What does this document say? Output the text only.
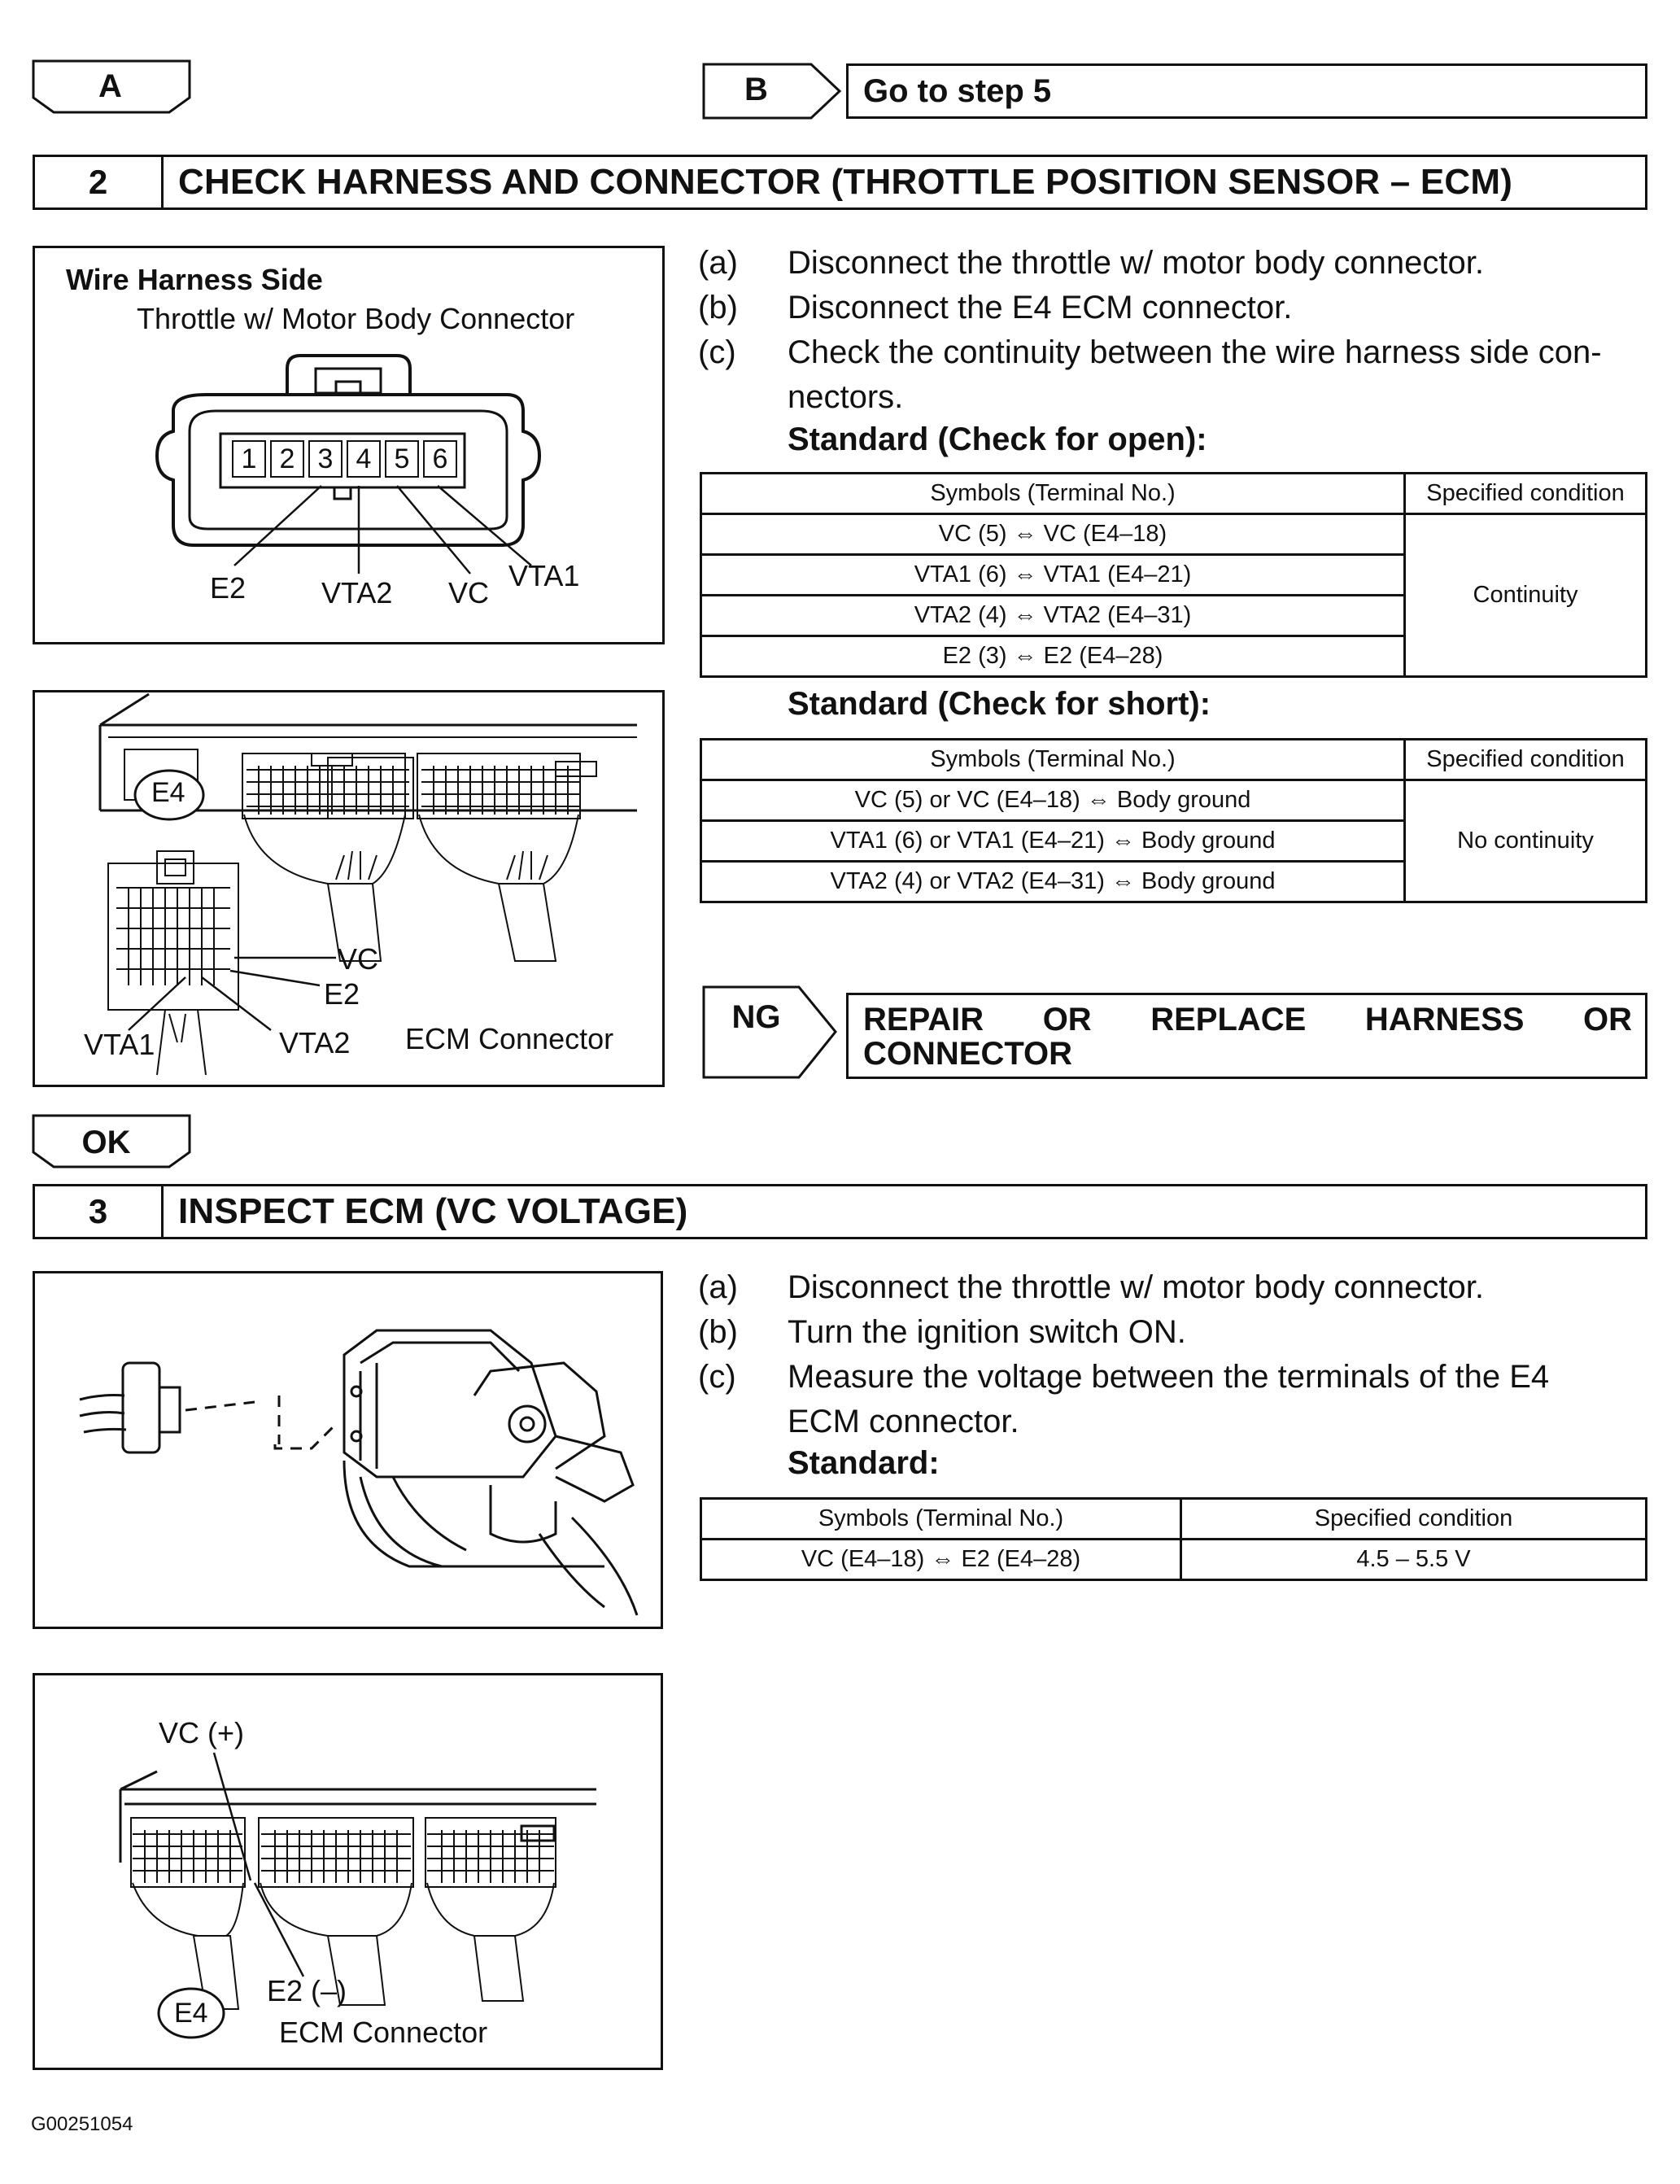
A	B	Go to step 5
2	CHECK HARNESS AND CONNECTOR (THROTTLE POSITION SENSOR – ECM)
Wire Harness Side
Throttle w/ Motor Body Connector
1 2 3 4 5 6
E2	VTA2 VC
VTA1
E4
VC
E2
VTA1	VTA2 ECM Connector
(a)	Disconnect the throttle w/ motor body connector.
(b)	Disconnect the E4 ECM connector.
(c)	Check the continuity between the wire harness side con-
nectors.
Standard (Check for open):
Symbols (Terminal No.)	Specified condition
VC (5) ⇔ VC (E4–18)	Continuity
VTA1 (6) ⇔ VTA1 (E4–21)	
VTA2 (4) ⇔ VTA2 (E4–31)	
E2 (3) ⇔ E2 (E4–28)	
Standard (Check for short):
Symbols (Terminal No.)	Specified condition
VC (5) or VC (E4–18) ⇔ Body ground	No continuity
VTA1 (6) or VTA1 (E4–21) ⇔ Body ground	
VTA2 (4) or VTA2 (E4–31) ⇔ Body ground	
NG	REPAIR OR REPLACE HARNESS OR
CONNECTOR
OK
3	INSPECT ECM (VC VOLTAGE)
VC (+)
E2 (–)
E4
ECM Connector
(a)	Disconnect the throttle w/ motor body connector.
(b)	Turn the ignition switch ON.
(c)	Measure the voltage between the terminals of the E4
ECM connector.
Standard:
Symbols (Terminal No.)	Specified condition
VC (E4–18) ⇔ E2 (E4–28)	4.5 – 5.5 V
G00251054
